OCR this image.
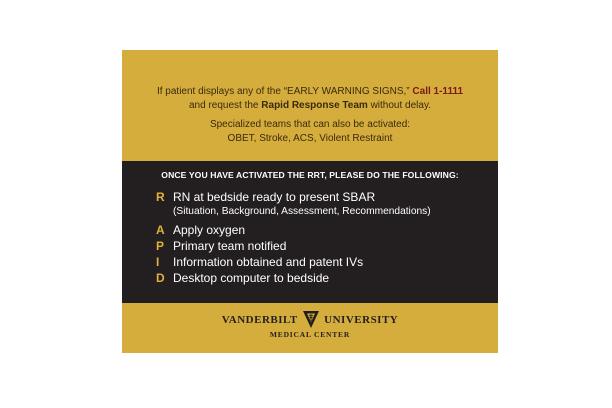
If patient displays any of the “EARLY WARNING SIGNS,” Call 1-1111
and request the Rapid Response Team without delay.
Specialized teams that can also be activated:
OBET, Stroke, ACS, Violent Restraint
ONCE YOU HAVE ACTIVATED THE RRT, PLEASE DO THE FOLLOWING:
R RN at bedside ready to present SBAR
(Situation, Background, Assessment, Recommendations)
A Apply oxygen
P Primary team notified
I	Information obtained and patent IVs
D Desktop computer to bedside
VANDERBILT UNIVERSITY
MEDICAL CENTER
